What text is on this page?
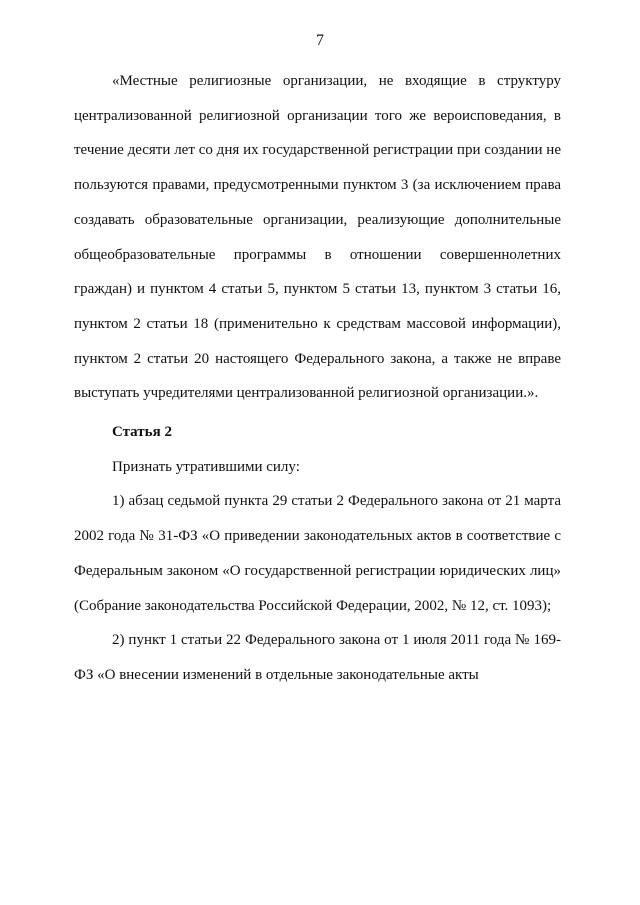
7

«Местные религиозные организации, не входящие в структуру централизованной религиозной организации того же вероисповедания, в течение десяти лет со дня их государственной регистрации при создании не пользуются правами, предусмотренными пунктом 3 (за исключением права создавать образовательные организации, реализующие дополнительные общеобразовательные программы в отношении совершеннолетних граждан) и пунктом 4 статьи 5, пунктом 5 статьи 13, пунктом 3 статьи 16, пунктом 2 статьи 18 (применительно к средствам массовой информации), пунктом 2 статьи 20 настоящего Федерального закона, а также не вправе выступать учредителями централизованной религиозной организации.».

Статья 2

Признать утратившими силу:

1) абзац седьмой пункта 29 статьи 2 Федерального закона от 21 марта 2002 года № 31-ФЗ «О приведении законодательных актов в соответствие с Федеральным законом «О государственной регистрации юридических лиц» (Собрание законодательства Российской Федерации, 2002, № 12, ст. 1093);

2) пункт 1 статьи 22 Федерального закона от 1 июля 2011 года № 169-ФЗ «О внесении изменений в отдельные законодательные акты
